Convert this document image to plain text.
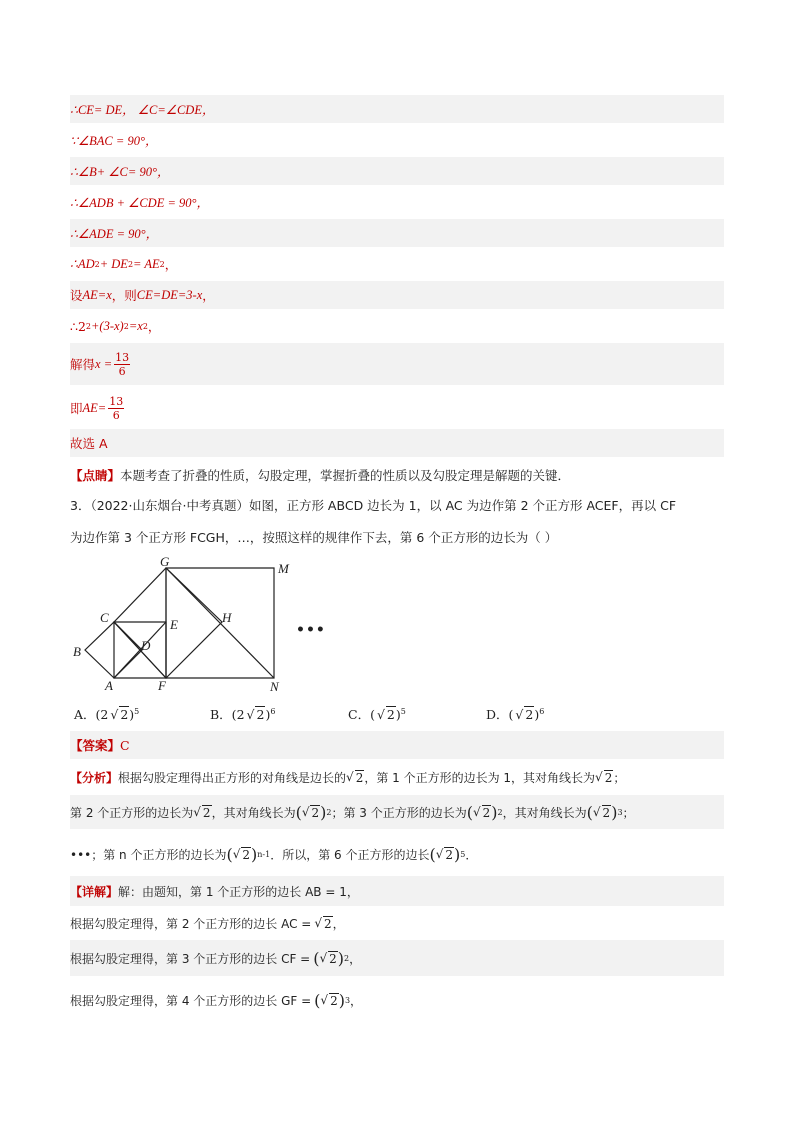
∴CE= DE， ∠C=∠CDE，
∵∠BAC = 90°，
∴∠B+ ∠C= 90°，
∴∠ADB + ∠CDE = 90°，
∴∠ADE = 90°，
∴AD 2 + DE 2 = AE 2 ，
设 AE=x ，则 CE=DE=3-x ，
∴2 2 +(3-x) 2 =x 2 ，
解得 $x = \frac{13}{6}$
即 $AE= \frac{13}{6}$
故选 A
【点睛】 本题考查了折叠的性质，勾股定理，掌握折叠的性质以及勾股定理是解题的关键．
3．（2022·山东烟台·中考真题）如图，正方形 ABCD 边长为 1，以 AC 为边作第 2 个正方形 ACEF，再以 CF
为边作第 3 个正方形 FCGH，…，按照这样的规律作下去，第 6 个正方形的边长为（ ）
G	M
C	E	H
B	D
A	F	N
•••
A．(2 √ 2)$^5$	B．(2 √ 2)$^6$	C．( √ 2)$^5$	D．( √ 2)$^6$
【答案】 C
【分析】 根据勾股定理得出正方形的对角线是边长的 √ 2 ，第 1 个正方形的边长为 1，其对角线长为 √ 2 ；
第 2 个正方形的边长为 √ 2 ，其对角线长为 ( √ 2 ) 2 ；第 3 个正方形的边长为 ( √ 2 ) 2 ，其对角线长为 ( √ 2 ) 3 ；
•••；第 n 个正方形的边长为 ( √ 2 ) n-1 ．所以，第 6 个正方形的边长 ( √ 2 ) 5 ．
【详解】 解：由题知，第 1 个正方形的边长 AB = 1，
根据勾股定理得，第 2 个正方形的边长 AC = √ 2 ，
根据勾股定理得，第 3 个正方形的边长 CF = ( √ 2 ) 2 ，
根据勾股定理得，第 4 个正方形的边长 GF = ( √ 2 ) 3 ，
